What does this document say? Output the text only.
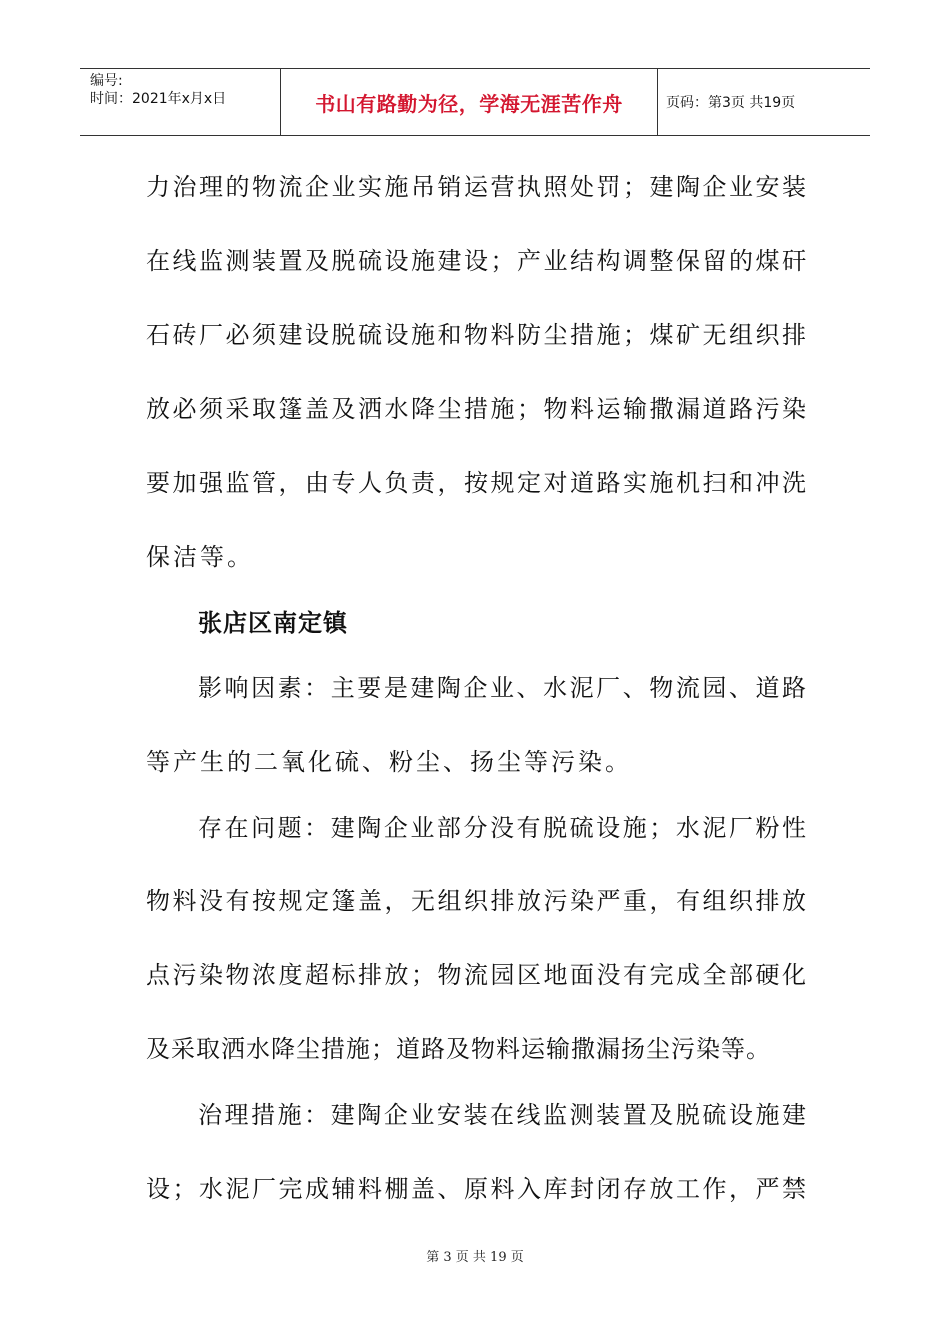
编号:
时间：2021年x月x日	书山有路勤为径，学海无涯苦作舟	页码：第3页 共19页
力治理的物流企业实施吊销运营执照处罚；建陶企业安装
在线监测装置及脱硫设施建设；产业结构调整保留的煤矸
石砖厂必须建设脱硫设施和物料防尘措施；煤矿无组织排
放必须采取篷盖及洒水降尘措施；物料运输撒漏道路污染
要加强监管，由专人负责，按规定对道路实施机扫和冲洗
保洁等。
张店区南定镇
影响因素：主要是建陶企业、水泥厂、物流园、道路
等产生的二氧化硫、粉尘、扬尘等污染。
存在问题：建陶企业部分没有脱硫设施；水泥厂粉性
物料没有按规定篷盖，无组织排放污染严重，有组织排放
点污染物浓度超标排放；物流园区地面没有完成全部硬化
及采取洒水降尘措施；道路及物料运输撒漏扬尘污染等。
治理措施：建陶企业安装在线监测装置及脱硫设施建
设；水泥厂完成辅料棚盖、原料入库封闭存放工作，严禁
第 3 页 共 19 页
